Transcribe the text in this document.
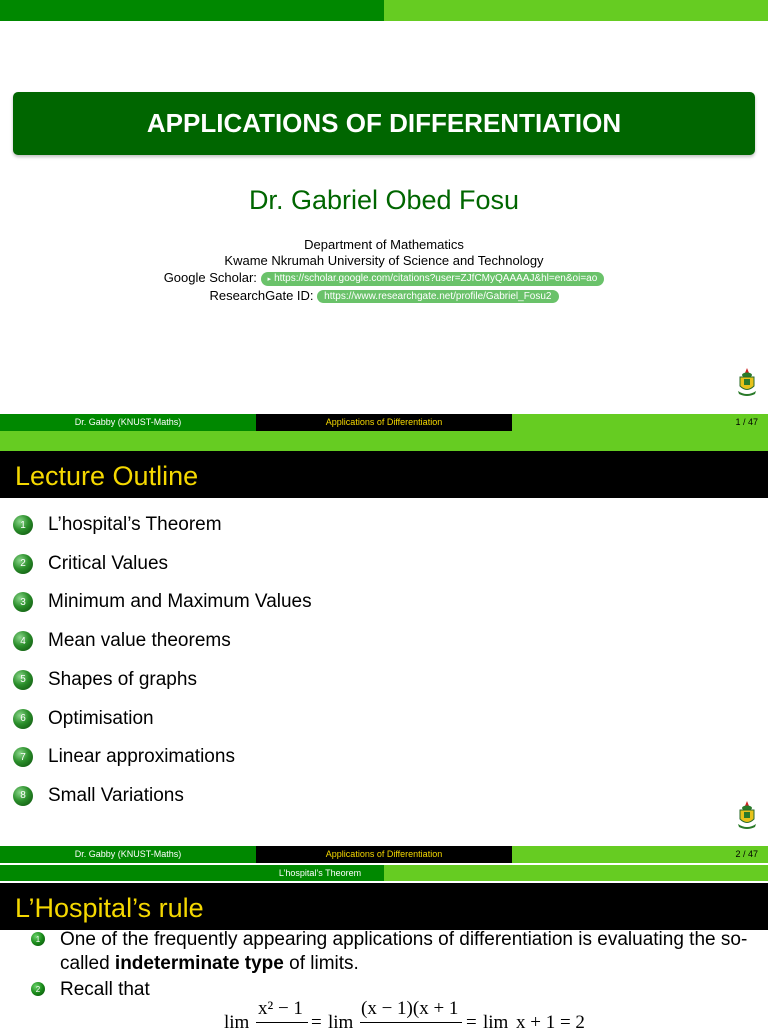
APPLICATIONS OF DIFFERENTIATION
Dr. Gabriel Obed Fosu
Department of Mathematics
Kwame Nkrumah University of Science and Technology
Google Scholar: ▸ https://scholar.google.com/citations?user=ZJfCMyQAAAAJ&hl=en&oi=ao
ResearchGate ID: https://www.researchgate.net/profile/Gabriel_Fosu2
Dr. Gabby (KNUST-Maths)	Applications of Differentiation	1 / 47
Lecture Outline
1	L’hospital’s Theorem
2	Critical Values
3	Minimum and Maximum Values
4	Mean value theorems
5	Shapes of graphs
6	Optimisation
7	Linear approximations
8	Small Variations
Dr. Gabby (KNUST-Maths)	Applications of Differentiation	2 / 47
L’hospital’s Theorem
L’Hospital’s rule
1 One of the frequently appearing applications of differentiation is evaluating the so-called indeterminate type of limits.
2 Recall that
lim
x² − 1
= lim
(x − 1)(x + 1
= lim x + 1 = 2
